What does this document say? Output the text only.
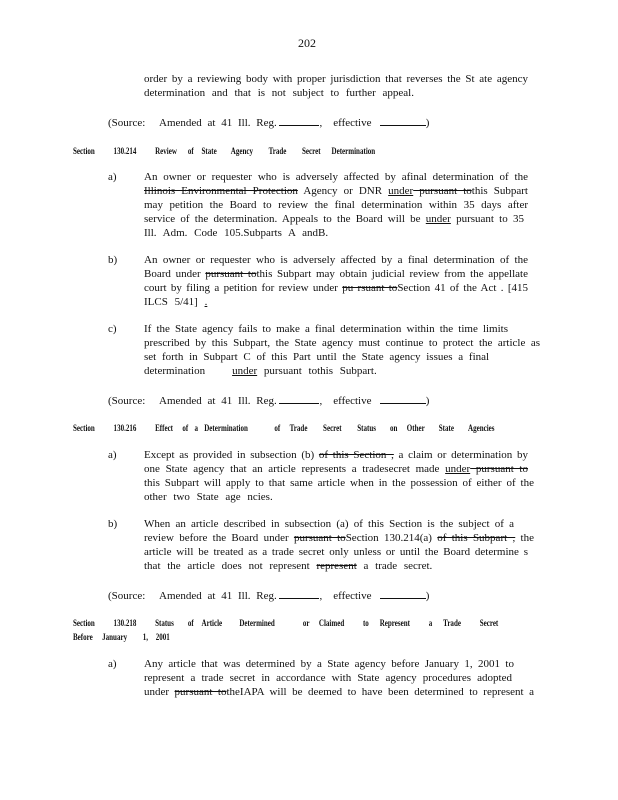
202
order by a reviewing body with proper jurisdiction that reverses the St ate agency
determination and that is not subject to further appeal.
(Source: Amended at 41 Ill. Reg.	, effective	)
Section 130.214 Review of State Agency Trade Secret Determination
a) An owner or requester who is adversely affected by afinal determination of the
Illinois Environmental Protection Agency or DNR under pursuant tothis Subpart
may petition the Board to review the final determination within 35 days after
service of the determination. Appeals to the Board will be under pursuant to 35
Ill. Adm. Code 105.Subparts A andB.
b) An owner or requester who is adversely affected by a final determination of the
Board under pursuant tothis Subpart may obtain judicial review from the appellate
court by filing a petition for review under pu rsuant toSection 41 of the Act . [415
ILCS 5/41] .
c) If the State agency fails to make a final determination within the time limits
prescribed by this Subpart, the State agency must continue to protect the article as
set forth in Subpart C of this Part until the State agency issues a final
determination    under pursuant tothis Subpart.
(Source: Amended at 41 Ill. Reg.	, effective	)
Section 130.216 Effect of a Determination	of Trade Secret Status on Other State Agencies
a) Except as provided in subsection (b) of this Section , a claim or determination by
one State agency that an article represents a tradesecret made under pursuant to
this Subpart will apply to that same article when in the possession of either of the
other two State age ncies.
b) When an article described in subsection (a) of this Section is the subject of a
review before the Board under pursuant toSection 130.214(a) of this Subpart , the
article will be treated as a trade secret only unless or until the Board determine s
that the article does not represent represent a trade secret.
(Source: Amended at 41 Ill. Reg.	, effective	)
Section 130.218 Status of Article Determined	or Claimed to Represent a Trade Secret
Before January 1, 2001
a) Any article that was determined by a State agency before January 1, 2001 to
represent a trade secret in accordance with State agency procedures adopted
under pursuant totheIAPA will be deemed to have been determined to represent a
